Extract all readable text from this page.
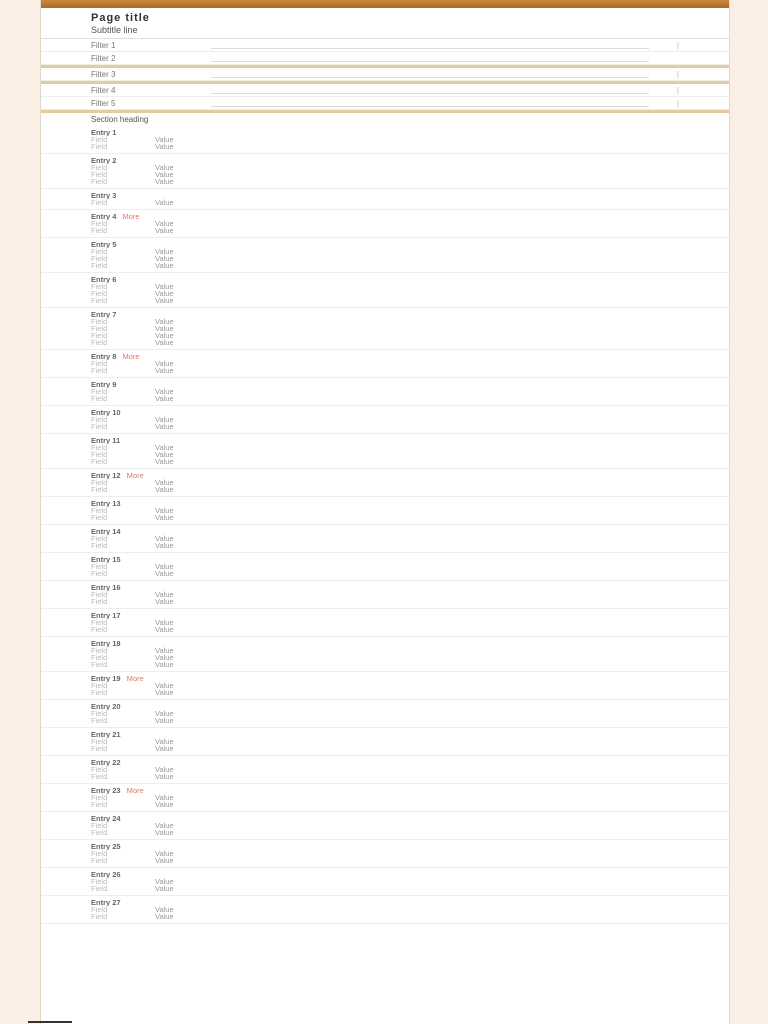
Page title
Subtitle line
Filter 1	|
Filter 2
Filter 3	|
Filter 4	|
Filter 5	|
Section heading
Entry 1
Field	Value
Field	Value
Entry 2
Field	Value
Field	Value
Field	Value
Entry 3
Field	Value
Entry 4 More
Field	Value
Field	Value
Entry 5
Field	Value
Field	Value
Field	Value
Entry 6
Field	Value
Field	Value
Field	Value
Entry 7
Field	Value
Field	Value
Field	Value
Field	Value
Entry 8 More
Field	Value
Field	Value
Entry 9
Field	Value
Field	Value
Entry 10
Field	Value
Field	Value
Entry 11
Field	Value
Field	Value
Field	Value
Entry 12 More
Field	Value
Field	Value
Entry 13
Field	Value
Field	Value
Entry 14
Field	Value
Field	Value
Entry 15
Field	Value
Field	Value
Entry 16
Field	Value
Field	Value
Entry 17
Field	Value
Field	Value
Entry 18
Field	Value
Field	Value
Field	Value
Entry 19 More
Field	Value
Field	Value
Entry 20
Field	Value
Field	Value
Entry 21
Field	Value
Field	Value
Entry 22
Field	Value
Field	Value
Entry 23 More
Field	Value
Field	Value
Entry 24
Field	Value
Field	Value
Entry 25
Field	Value
Field	Value
Entry 26
Field	Value
Field	Value
Entry 27
Field	Value
Field	Value
